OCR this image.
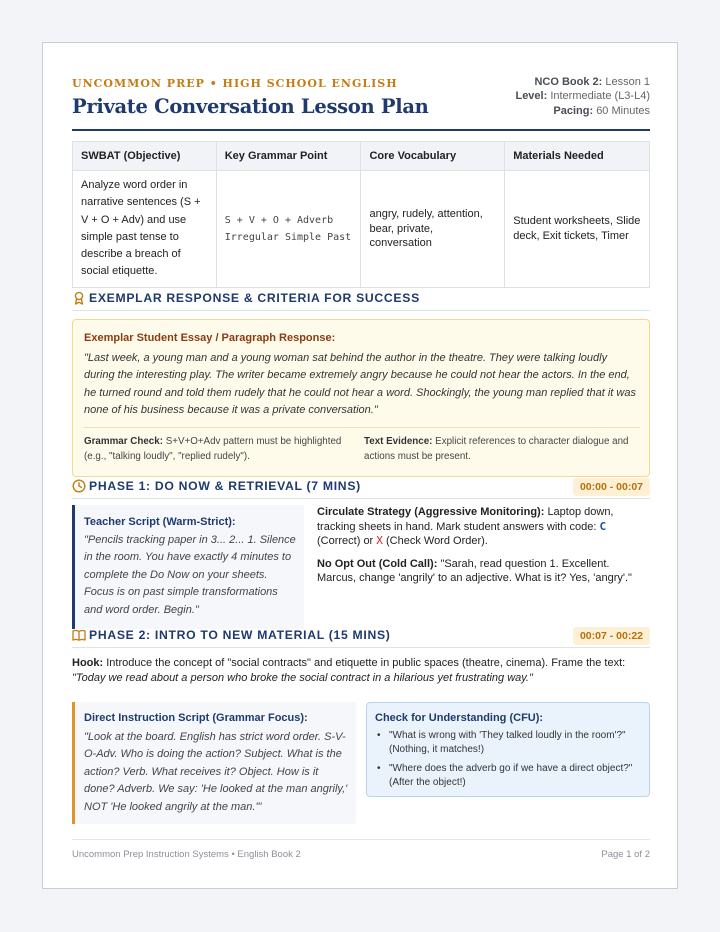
UNCOMMON PREP • HIGH SCHOOL ENGLISH
Private Conversation Lesson Plan
NCO Book 2: Lesson 1
Level: Intermediate (L3-L4)
Pacing: 60 Minutes
SWBAT (Objective)	Key Grammar Point	Core Vocabulary	Materials Needed
Analyze word order in narrative sentences (S + V + O + Adv) and use simple past tense to describe a breach of social etiquette.	S + V + O + Adverb Irregular Simple Past	angry, rudely, attention, bear, private, conversation	Student worksheets, Slide deck, Exit tickets, Timer
EXEMPLAR RESPONSE & CRITERIA FOR SUCCESS
Exemplar Student Essay / Paragraph Response:
"Last week, a young man and a young woman sat behind the author in the theatre. They were talking loudly during the interesting play. The writer became extremely angry because he could not hear the actors. In the end, he turned round and told them rudely that he could not hear a word. Shockingly, the young man replied that it was none of his business because it was a private conversation."
Grammar Check: S+V+O+Adv pattern must be highlighted (e.g., "talking loudly", "replied rudely").
Text Evidence: Explicit references to character dialogue and actions must be present.
PHASE 1: DO NOW & RETRIEVAL (7 MINS)	00:00 - 00:07
Teacher Script (Warm-Strict):
"Pencils tracking paper in 3... 2... 1. Silence in the room. You have exactly 4 minutes to complete the Do Now on your sheets. Focus is on past simple transformations and word order. Begin."

Circulate Strategy (Aggressive Monitoring): Laptop down, tracking sheets in hand. Mark student answers with code: C (Correct) or X (Check Word Order).

No Opt Out (Cold Call): "Sarah, read question 1. Excellent. Marcus, change 'angrily' to an adjective. What is it? Yes, 'angry'."

PHASE 2: INTRO TO NEW MATERIAL (15 MINS)	00:07 - 00:22
Hook: Introduce the concept of "social contracts" and etiquette in public spaces (theatre, cinema). Frame the text:
"Today we read about a person who broke the social contract in a hilarious yet frustrating way."
Direct Instruction Script (Grammar Focus):
"Look at the board. English has strict word order. S-V-O-Adv. Who is doing the action? Subject. What is the action? Verb. What receives it? Object. How is it done? Adverb. We say: 'He looked at the man angrily,' NOT 'He looked angrily at the man.'"
Check for Understanding (CFU):
• "What is wrong with 'They talked loudly in the room'?" (Nothing, it matches!)
• "Where does the adverb go if we have a direct object?" (After the object!)
Uncommon Prep Instruction Systems • English Book 2	Page 1 of 2
